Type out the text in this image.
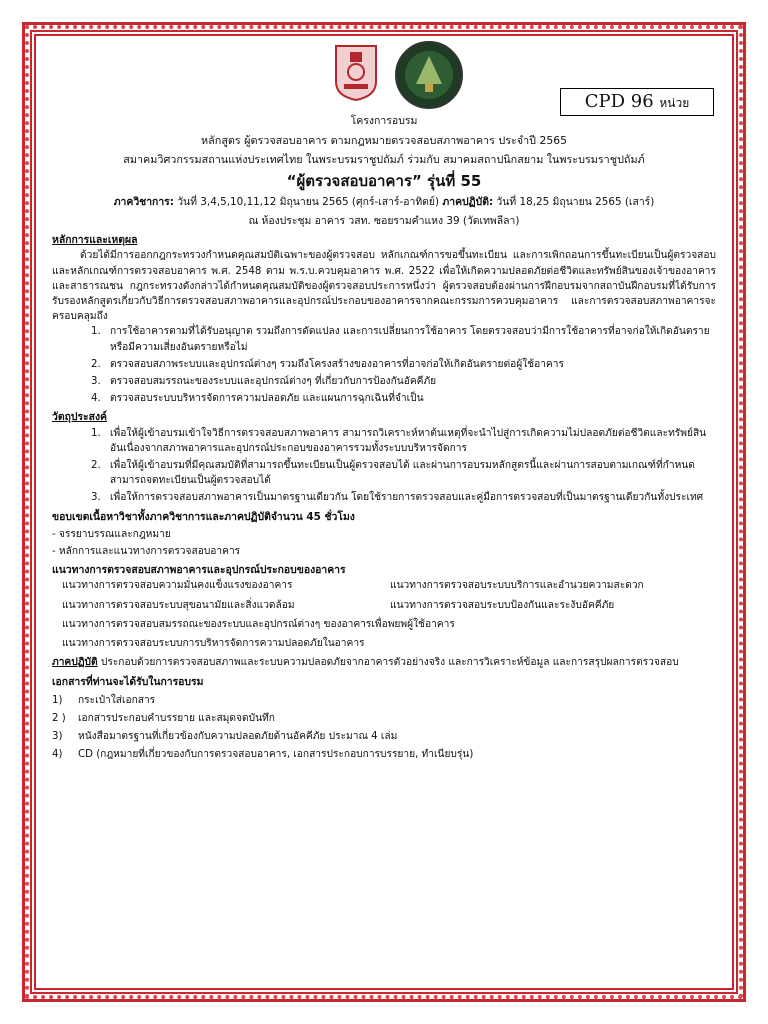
CPD 96 หน่วย
โครงการอบรม
หลักสูตร ผู้ตรวจสอบอาคาร ตามกฎหมายตรวจสอบสภาพอาคาร ประจำปี 2565
สมาคมวิศวกรรมสถานแห่งประเทศไทย ในพระบรมราชูปถัมภ์ ร่วมกับ สมาคมสถาปนิกสยาม ในพระบรมราชูปถัมภ์
“ผู้ตรวจสอบอาคาร” รุ่นที่ 55
ภาควิชาการ: วันที่ 3,4,5,10,11,12 มิถุนายน 2565 (ศุกร์-เสาร์-อาทิตย์) ภาคปฏิบัติ: วันที่ 18,25 มิถุนายน 2565 (เสาร์)
ณ ห้องประชุม อาคาร วสท. ซอยรามคำแหง 39 (วัดเทพลีลา)
หลักการและเหตุผล

ด้วยได้มีการออกกฎกระทรวงกำหนดคุณสมบัติเฉพาะของผู้ตรวจสอบ หลักเกณฑ์การขอขึ้นทะเบียน และการเพิกถอนการขึ้นทะเบียนเป็นผู้ตรวจสอบ และหลักเกณฑ์การตรวจสอบอาคาร พ.ศ. 2548 ตาม พ.ร.บ.ควบคุมอาคาร พ.ศ. 2522 เพื่อให้เกิดความปลอดภัยต่อชีวิตและทรัพย์สินของเจ้าของอาคารและสาธารณชน กฎกระทรวงดังกล่าวได้กำหนดคุณสมบัติของผู้ตรวจสอบประการหนึ่งว่า ผู้ตรวจสอบต้องผ่านการฝึกอบรมจากสถาบันฝึกอบรมที่ได้รับการรับรองหลักสูตรเกี่ยวกับวิธีการตรวจสอบสภาพอาคารและอุปกรณ์ประกอบของอาคารจากคณะกรรมการควบคุมอาคาร และการตรวจสอบสภาพอาคารจะครอบคลุมถึง

1. การใช้อาคารตามที่ได้รับอนุญาต รวมถึงการดัดแปลง และการเปลี่ยนการใช้อาคาร โดยตรวจสอบว่ามีการใช้อาคารที่อาจก่อให้เกิดอันตรายหรือมีความเสี่ยงอันตรายหรือไม่
2. ตรวจสอบสภาพระบบและอุปกรณ์ต่างๆ รวมถึงโครงสร้างของอาคารที่อาจก่อให้เกิดอันตรายต่อผู้ใช้อาคาร
3. ตรวจสอบสมรรถนะของระบบและอุปกรณ์ต่างๆ ที่เกี่ยวกับการป้องกันอัคคีภัย
4. ตรวจสอบระบบบริหารจัดการความปลอดภัย และแผนการฉุกเฉินที่จำเป็น
วัตถุประสงค์
1. เพื่อให้ผู้เข้าอบรมเข้าใจวิธีการตรวจสอบสภาพอาคาร สามารถวิเคราะห์หาต้นเหตุที่จะนำไปสู่การเกิดความไม่ปลอดภัยต่อชีวิตและทรัพย์สิน อันเนื่องจากสภาพอาคารและอุปกรณ์ประกอบของอาคารรวมทั้งระบบบริหารจัดการ
2. เพื่อให้ผู้เข้าอบรมที่มีคุณสมบัติที่สามารถขึ้นทะเบียนเป็นผู้ตรวจสอบได้ และผ่านการอบรมหลักสูตรนี้และผ่านการสอบตามเกณฑ์ที่กำหนด สามารถจดทะเบียนเป็นผู้ตรวจสอบได้
3. เพื่อให้การตรวจสอบสภาพอาคารเป็นมาตรฐานเดียวกัน โดยใช้รายการตรวจสอบและคู่มือการตรวจสอบที่เป็นมาตรฐานเดียวกันทั้งประเทศ
ขอบเขตเนื้อหาวิชาทั้งภาควิชาการและภาคปฏิบัติจำนวน 45 ชั่วโมง
- จรรยาบรรณและกฎหมาย
- หลักการและแนวทางการตรวจสอบอาคาร
แนวทางการตรวจสอบสภาพอาคารและอุปกรณ์ประกอบของอาคาร
แนวทางการตรวจสอบความมั่นคงแข็งแรงของอาคาร	แนวทางการตรวจสอบระบบบริการและอำนวยความสะดวก
แนวทางการตรวจสอบระบบสุขอนามัยและสิ่งแวดล้อม	แนวทางการตรวจสอบระบบป้องกันและระงับอัคคีภัย
แนวทางการตรวจสอบสมรรถณะของระบบและอุปกรณ์ต่างๆ ของอาคารเพื่อพยพผู้ใช้อาคาร
แนวทางการตรวจสอบระบบการบริหารจัดการความปลอดภัยในอาคาร

ภาคปฏิบัติ ประกอบด้วยการตรวจสอบสภาพและระบบความปลอดภัยจากอาคารตัวอย่างจริง และการวิเคราะห์ข้อมูล และการสรุปผลการตรวจสอบ

เอกสารที่ท่านจะได้รับในการอบรม
1)	กระเป๋าใส่เอกสาร
2 )	เอกสารประกอบคำบรรยาย และสมุดจดบันทึก
3)	หนังสือมาตรฐานที่เกี่ยวข้องกับความปลอดภัยด้านอัคคีภัย ประมาณ 4 เล่ม
4)	CD (กฎหมายที่เกี่ยวของกับการตรวจสอบอาคาร, เอกสารประกอบการบรรยาย, ทำเนียบรุ่น)
